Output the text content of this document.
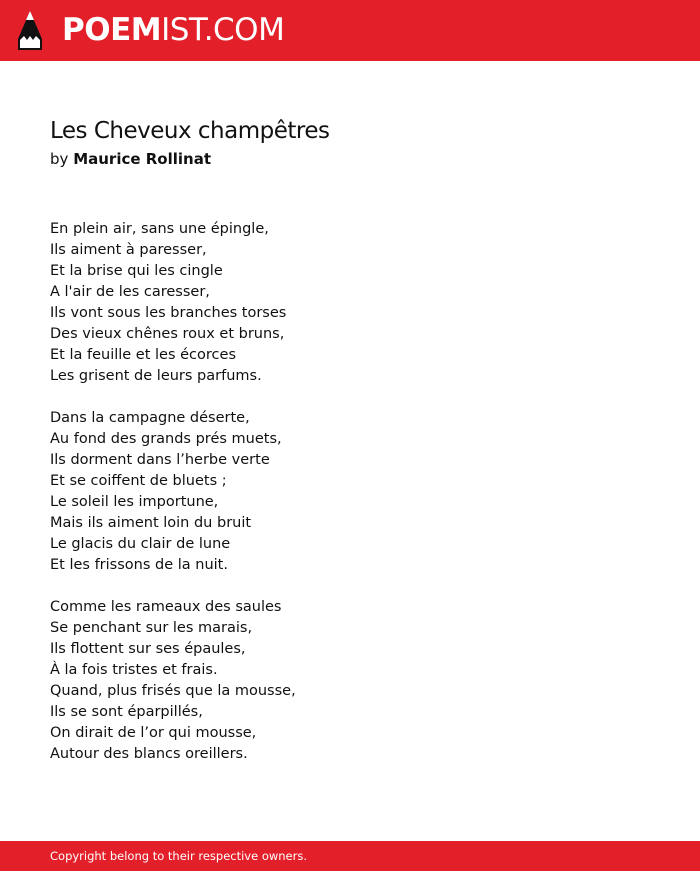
POEMIST.COM
Les Cheveux champêtres
by Maurice Rollinat
En plein air, sans une épingle,
Ils aiment à paresser,
Et la brise qui les cingle
A l'air de les caresser,
Ils vont sous les branches torses
Des vieux chênes roux et bruns,
Et la feuille et les écorces
Les grisent de leurs parfums.
Dans la campagne déserte,
Au fond des grands prés muets,
Ils dorment dans l’herbe verte
Et se coiffent de bluets ;
Le soleil les importune,
Mais ils aiment loin du bruit
Le glacis du clair de lune
Et les frissons de la nuit.
Comme les rameaux des saules
Se penchant sur les marais,
Ils flottent sur ses épaules,
À la fois tristes et frais.
Quand, plus frisés que la mousse,
Ils se sont éparpillés,
On dirait de l’or qui mousse,
Autour des blancs oreillers.
Copyright belong to their respective owners.
